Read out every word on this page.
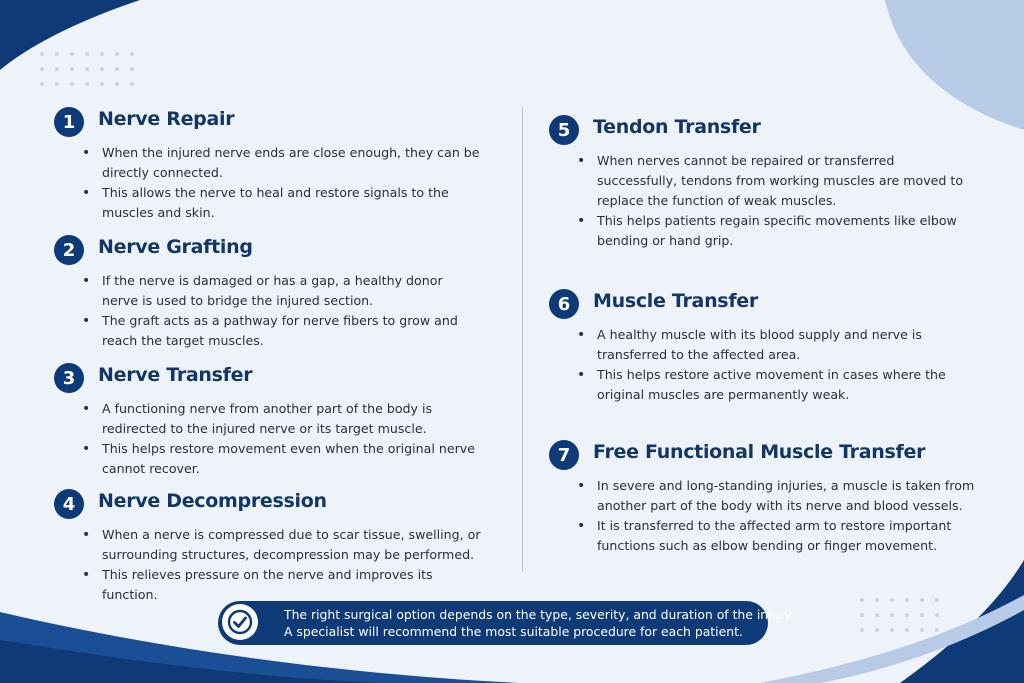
1	Nerve Repair
• When the injured nerve ends are close enough, they can be directly connected.
• This allows the nerve to heal and restore signals to the muscles and skin.
2	Nerve Grafting
• If the nerve is damaged or has a gap, a healthy donor nerve is used to bridge the injured section.
• The graft acts as a pathway for nerve fibers to grow and reach the target muscles.
3	Nerve Transfer
• A functioning nerve from another part of the body is redirected to the injured nerve or its target muscle.
• This helps restore movement even when the original nerve cannot recover.
4	Nerve Decompression
• When a nerve is compressed due to scar tissue, swelling, or surrounding structures, decompression may be performed.
• This relieves pressure on the nerve and improves its function.
5	Tendon Transfer
• When nerves cannot be repaired or transferred successfully, tendons from working muscles are moved to replace the function of weak muscles.
• This helps patients regain specific movements like elbow bending or hand grip.
6	Muscle Transfer
• A healthy muscle with its blood supply and nerve is transferred to the affected area.
• This helps restore active movement in cases where the original muscles are permanently weak.
7	Free Functional Muscle Transfer
• In severe and long-standing injuries, a muscle is taken from another part of the body with its nerve and blood vessels.
• It is transferred to the affected arm to restore important functions such as elbow bending or finger movement.
The right surgical option depends on the type, severity, and duration of the injury.
A specialist will recommend the most suitable procedure for each patient.
